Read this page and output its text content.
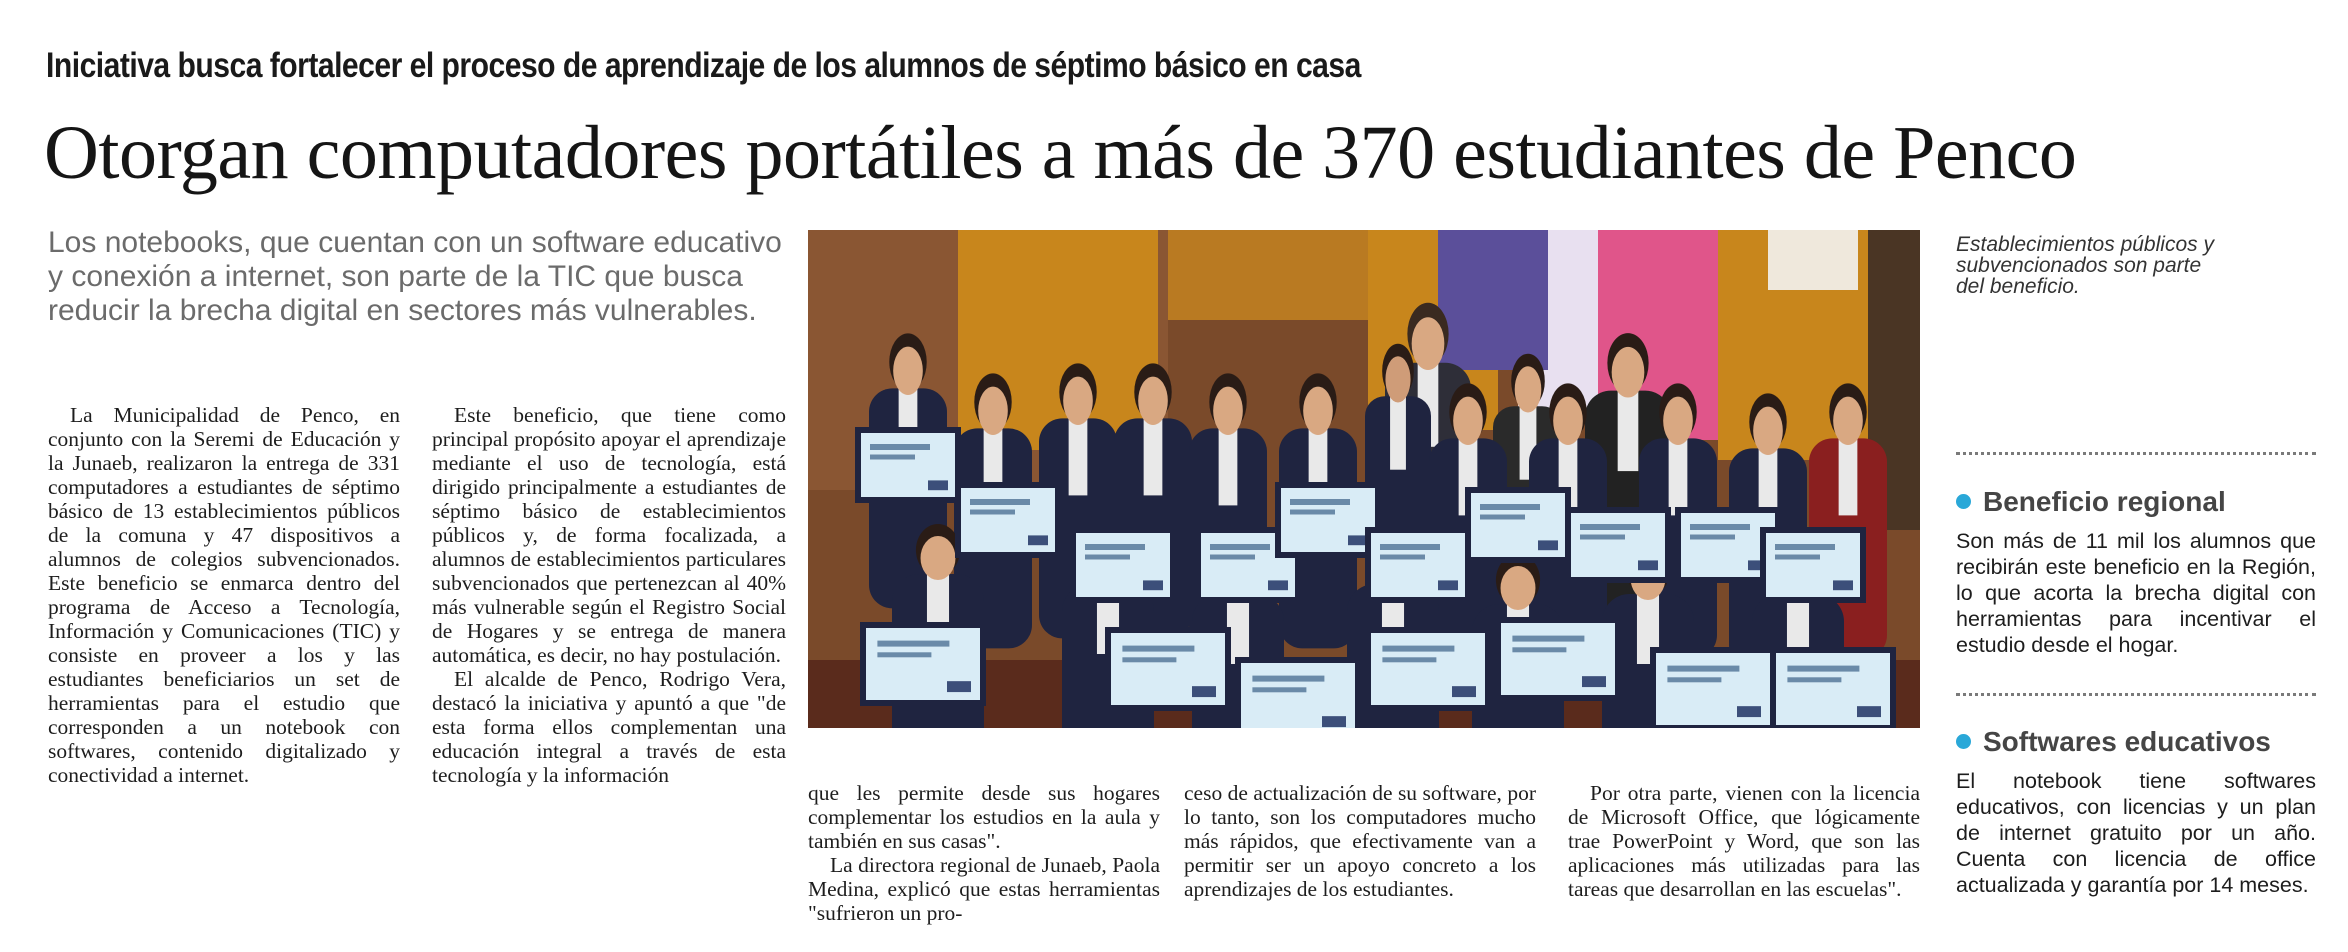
Iniciativa busca fortalecer el proceso de aprendizaje de los alumnos de séptimo básico en casa
Otorgan computadores portátiles a más de 370 estudiantes de Penco
Los notebooks, que cuentan con un software educativo y conexión a internet, son parte de la TIC que busca reducir la brecha digital en sectores más vulnerables.

La Municipalidad de Penco, en conjunto con la Seremi de Educación y la Junaeb, realizaron la entrega de 331 computadores a estudiantes de séptimo básico de 13 establecimientos públicos de la comuna y 47 dispositivos a alumnos de colegios subvencionados. Este beneficio se enmarca dentro del programa de Acceso a Tecnología, Información y Comunicaciones (TIC) y consiste en proveer a los y las estudiantes beneficiarios un set de herramientas para el estudio que corresponden a un notebook con softwares, contenido digitalizado y conectividad a internet.

Este beneficio, que tiene como principal propósito apoyar el aprendizaje mediante el uso de tecnología, está dirigido principalmente a estudiantes de séptimo básico de establecimientos públicos y, de forma focalizada, a alumnos de establecimientos particulares subvencionados que pertenezcan al 40% más vulnerable según el Registro Social de Hogares y se entrega de manera automática, es decir, no hay postulación.

El alcalde de Penco, Rodrigo Vera, destacó la iniciativa y apuntó a que "de esta forma ellos complementan una educación integral a través de esta tecnología y la información

que les permite desde sus hogares complementar los estudios en la aula y también en sus casas".

La directora regional de Junaeb, Paola Medina, explicó que estas herramientas "sufrieron un pro-

ceso de actualización de su software, por lo tanto, son los computadores mucho más rápidos, que efectivamente van a permitir ser un apoyo concreto a los aprendizajes de los estudiantes.

Por otra parte, vienen con la licencia de Microsoft Office, que lógicamente trae PowerPoint y Word, que son las aplicaciones más utilizadas para las tareas que desarrollan en las escuelas".

Establecimientos públicos y subvencionados son parte del beneficio.
Beneficio regional
Son más de 11 mil los alumnos que recibirán este beneficio en la Región, lo que acorta la brecha digital con herramientas para incentivar el estudio desde el hogar.
Softwares educativos
El notebook tiene softwares educativos, con licencias y un plan de internet gratuito por un año. Cuenta con licencia de office actualizada y garantía por 14 meses.
